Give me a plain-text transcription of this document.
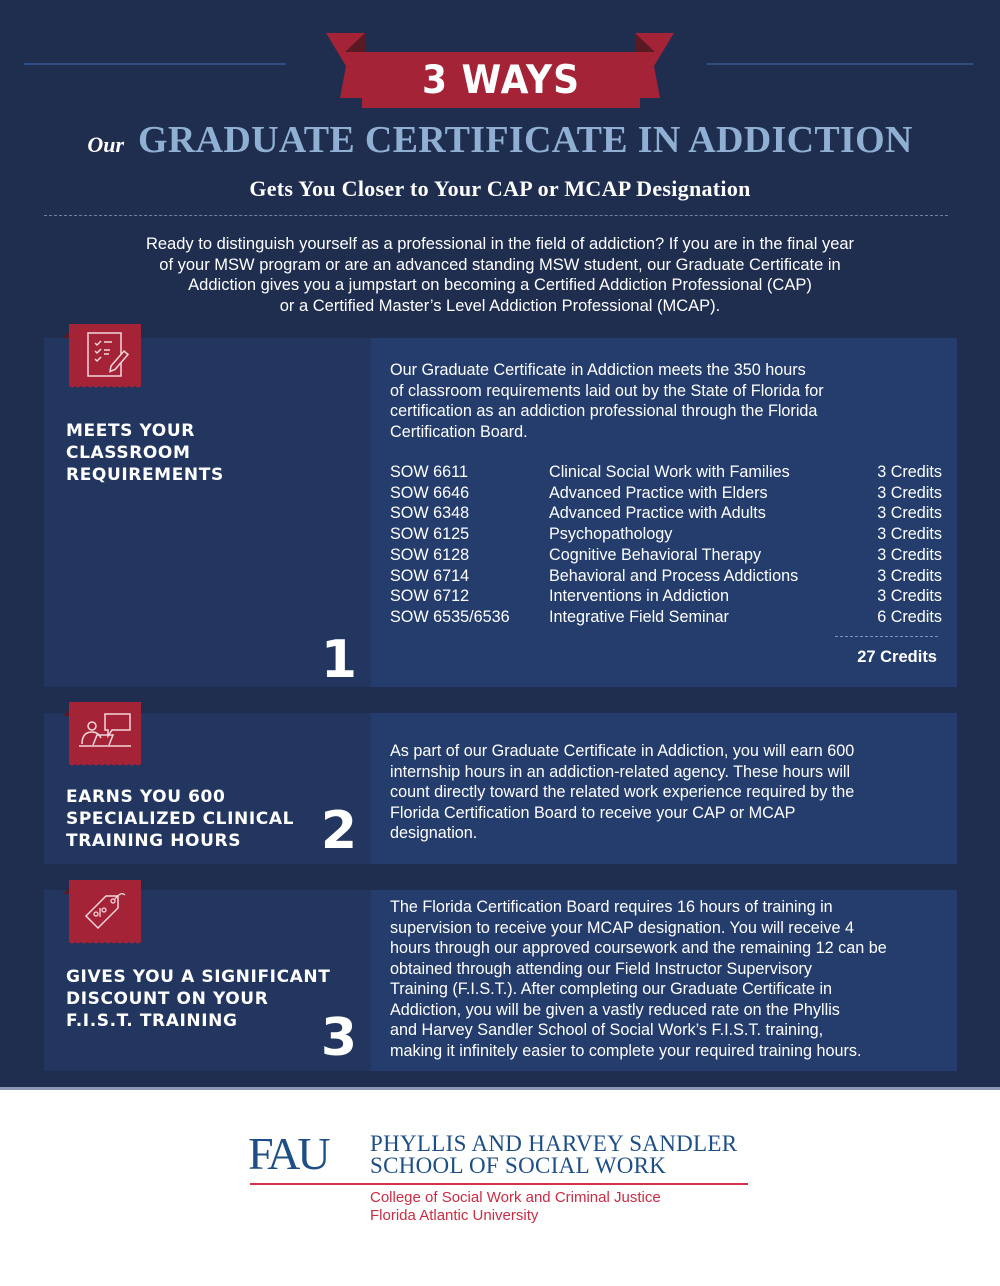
3 WAYS
Our GRADUATE CERTIFICATE IN ADDICTION
Gets You Closer to Your CAP or MCAP Designation
Ready to distinguish yourself as a professional in the field of addiction? If you are in the final year
of your MSW program or are an advanced standing MSW student, our Graduate Certificate in
Addiction gives you a jumpstart on becoming a Certified Addiction Professional (CAP)
or a Certified Master’s Level Addiction Professional (MCAP).
MEETS YOUR
CLASSROOM
REQUIREMENTS
1
Our Graduate Certificate in Addiction meets the 350 hours
of classroom requirements laid out by the State of Florida for
certification as an addiction professional through the Florida
Certification Board.
SOW 6611	Clinical Social Work with Families	3 Credits
SOW 6646	Advanced Practice with Elders	3 Credits
SOW 6348	Advanced Practice with Adults	3 Credits
SOW 6125	Psychopathology	3 Credits
SOW 6128	Cognitive Behavioral Therapy	3 Credits
SOW 6714	Behavioral and Process Addictions	3 Credits
SOW 6712	Interventions in Addiction	3 Credits
SOW 6535/6536	Integrative Field Seminar	6 Credits
27 Credits
EARNS YOU 600
SPECIALIZED CLINICAL
TRAINING HOURS	2
As part of our Graduate Certificate in Addiction, you will earn 600
internship hours in an addiction-related agency. These hours will
count directly toward the related work experience required by the
Florida Certification Board to receive your CAP or MCAP
designation.
GIVES YOU A SIGNIFICANT
DISCOUNT ON YOUR
F.I.S.T. TRAINING	3
The Florida Certification Board requires 16 hours of training in
supervision to receive your MCAP designation. You will receive 4
hours through our approved coursework and the remaining 12 can be
obtained through attending our Field Instructor Supervisory
Training (F.I.S.T.). After completing our Graduate Certificate in
Addiction, you will be given a vastly reduced rate on the Phyllis
and Harvey Sandler School of Social Work’s F.I.S.T. training,
making it infinitely easier to complete your required training hours.
FAU PHYLLIS AND HARVEY SANDLER
SCHOOL OF SOCIAL WORK
College of Social Work and Criminal Justice
Florida Atlantic University
